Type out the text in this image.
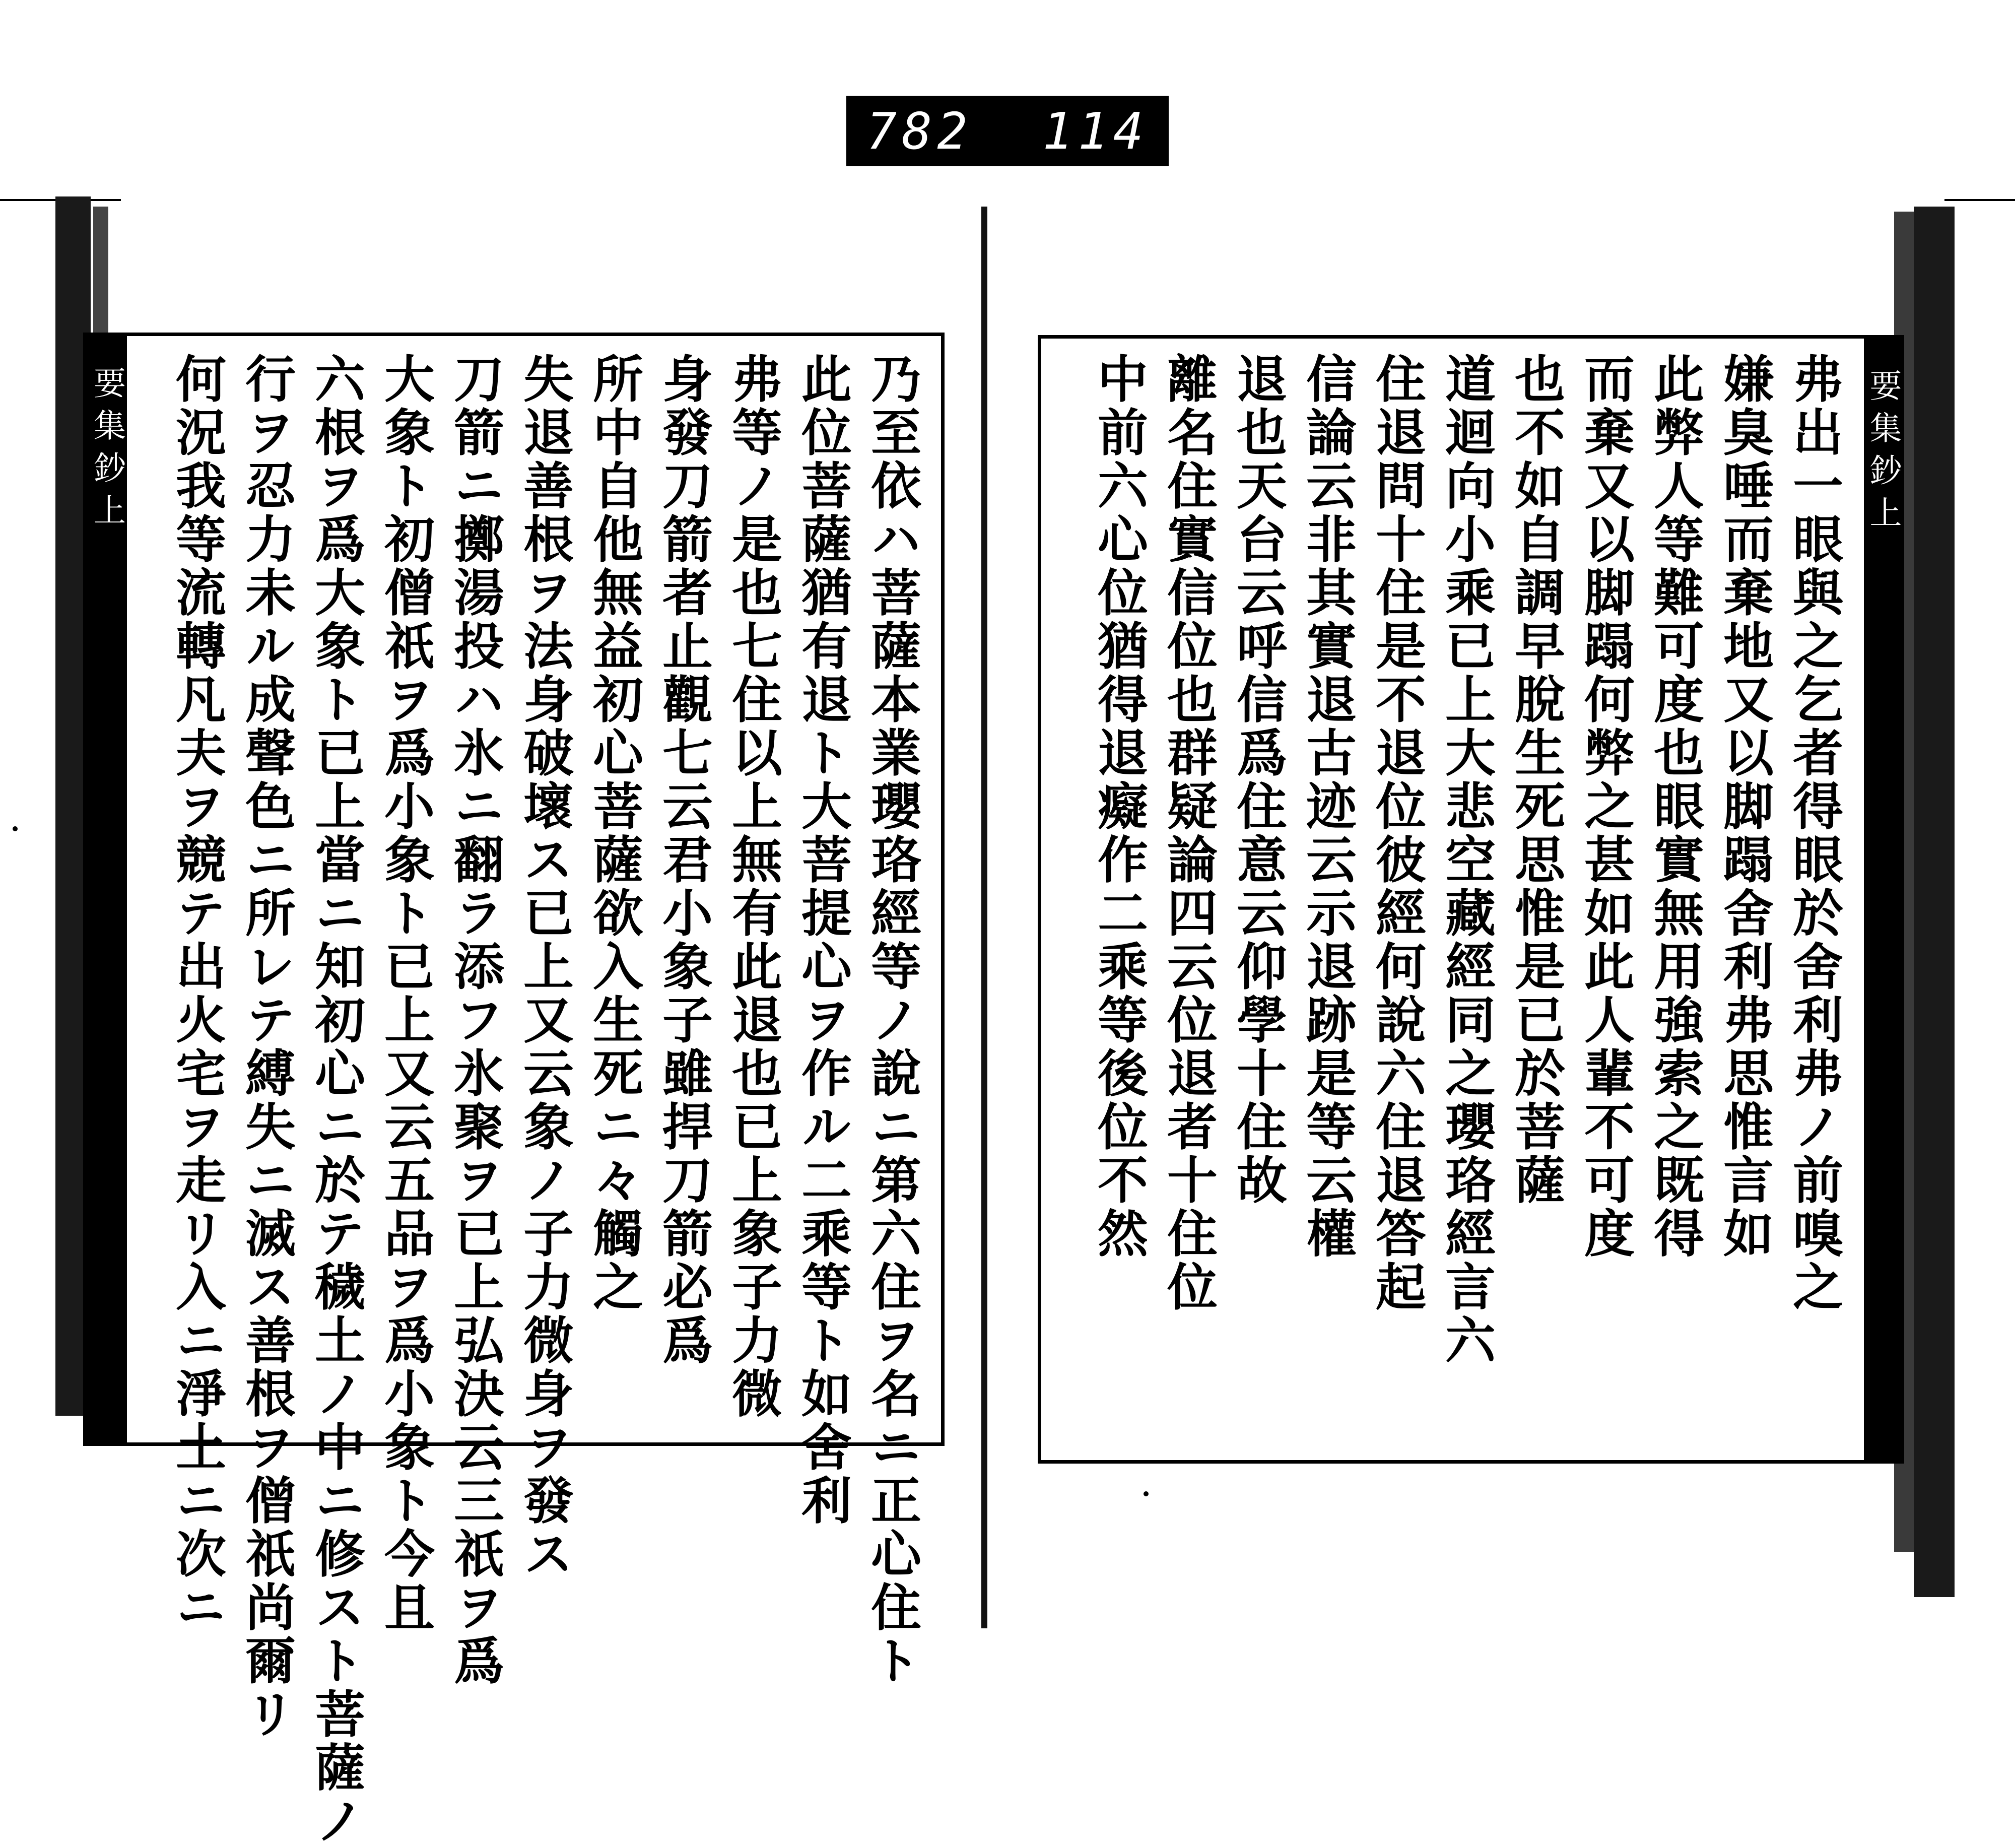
782 114
要集鈔上	乃至依ハ菩薩本業瓔珞經等ノ說ニ第六住ヲ名ニ正心住ト
此位菩薩猶有退ト大菩提心ヲ作ル二乘等ト如舍利
弗等ノ是也七住以上無有此退也已上象子力微
身發刀箭者止觀七云君小象子雖捍刀箭必爲
所中自他無益初心菩薩欲入生死ニ々觸之
失退善根ヲ法身破壞ス已上又云象ノ子力微身ヲ發ス
刀箭ニ擲湯投ハ氷ニ翻ラ添フ氷聚ヲ已上弘決云三祇ヲ爲
大象ト初僧祇ヲ爲小象ト已上又云五品ヲ爲小象ト今且
六根ヲ爲大象ト已上當ニ知初心ニ於テ穢土ノ中ニ修スト菩薩ノ
行ヲ忍力未ル成聲色ニ所レテ縛失ニ滅ス善根ヲ僧祇尚爾リ
何況我等流轉凡夫ヲ競テ出火宅ヲ走リ入ニ淨土ニ次ニ	要集鈔上
弗出一眼與之乞者得眼於舍利弗ノ前嗅之
嫌臭唾而棄地又以脚蹋舍利弗思惟言如
此弊人等難可度也眼實無用強索之既得
而棄又以脚蹋何弊之甚如此人輩不可度
也不如自調早脫生死思惟是已於菩薩
道迴向小乘已上大悲空藏經同之瓔珞經言六
住退問十住是不退位彼經何說六住退答起
信論云非其實退古迹云示退跡是等云權
退也天台云呼信爲住意云仰學十住故
離名住實信位也群疑論四云位退者十住位
中前六心位猶得退癡作二乘等後位不然
